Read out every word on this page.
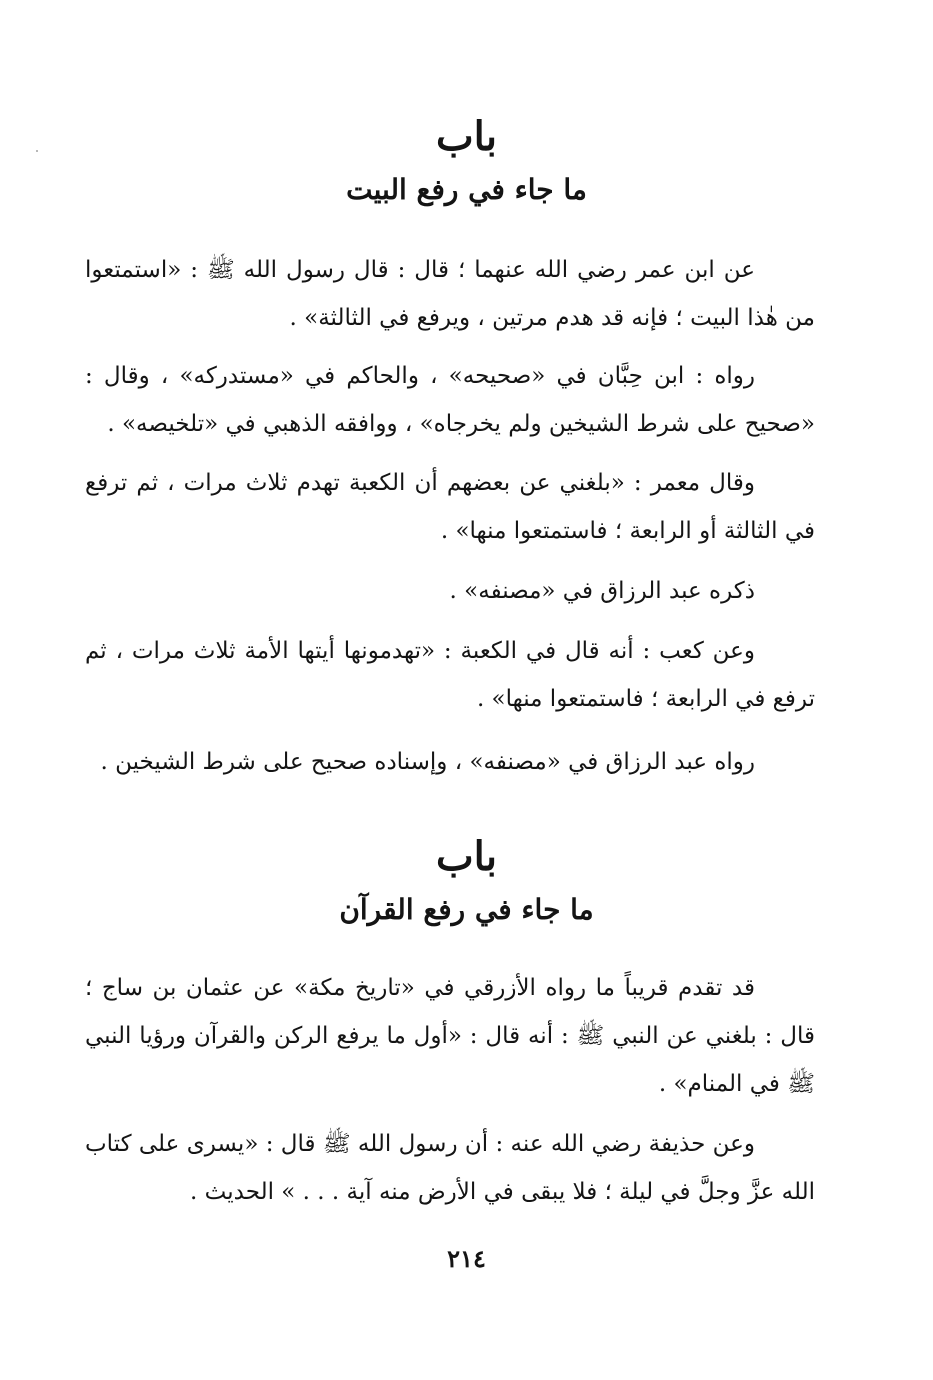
باب
ما جاء في رفع البيت

عن ابن عمر رضي الله عنهما ؛ قال : قال رسول الله ﷺ : «استمتعوا من هٰذا البيت ؛ فإنه قد هدم مرتين ، ويرفع في الثالثة» .

رواه : ابن حِبَّان في «صحيحه» ، والحاكم في «مستدركه» ، وقال : «صحيح على شرط الشيخين ولم يخرجاه» ، ووافقه الذهبي في «تلخيصه» .

وقال معمر : «بلغني عن بعضهم أن الكعبة تهدم ثلاث مرات ، ثم ترفع في الثالثة أو الرابعة ؛ فاستمتعوا منها» .

ذكره عبد الرزاق في «مصنفه» .

وعن كعب : أنه قال في الكعبة : «تهدمونها أيتها الأمة ثلاث مرات ، ثم ترفع في الرابعة ؛ فاستمتعوا منها» .

رواه عبد الرزاق في «مصنفه» ، وإسناده صحيح على شرط الشيخين .

باب
ما جاء في رفع القرآن

قد تقدم قريباً ما رواه الأزرقي في «تاريخ مكة» عن عثمان بن ساج ؛ قال : بلغني عن النبي ﷺ : أنه قال : «أول ما يرفع الركن والقرآن ورؤيا النبي ﷺ في المنام» .

وعن حذيفة رضي الله عنه : أن رسول الله ﷺ قال : «يسرى على كتاب الله عزَّ وجلَّ في ليلة ؛ فلا يبقى في الأرض منه آية . . . » الحديث .

٢١٤
